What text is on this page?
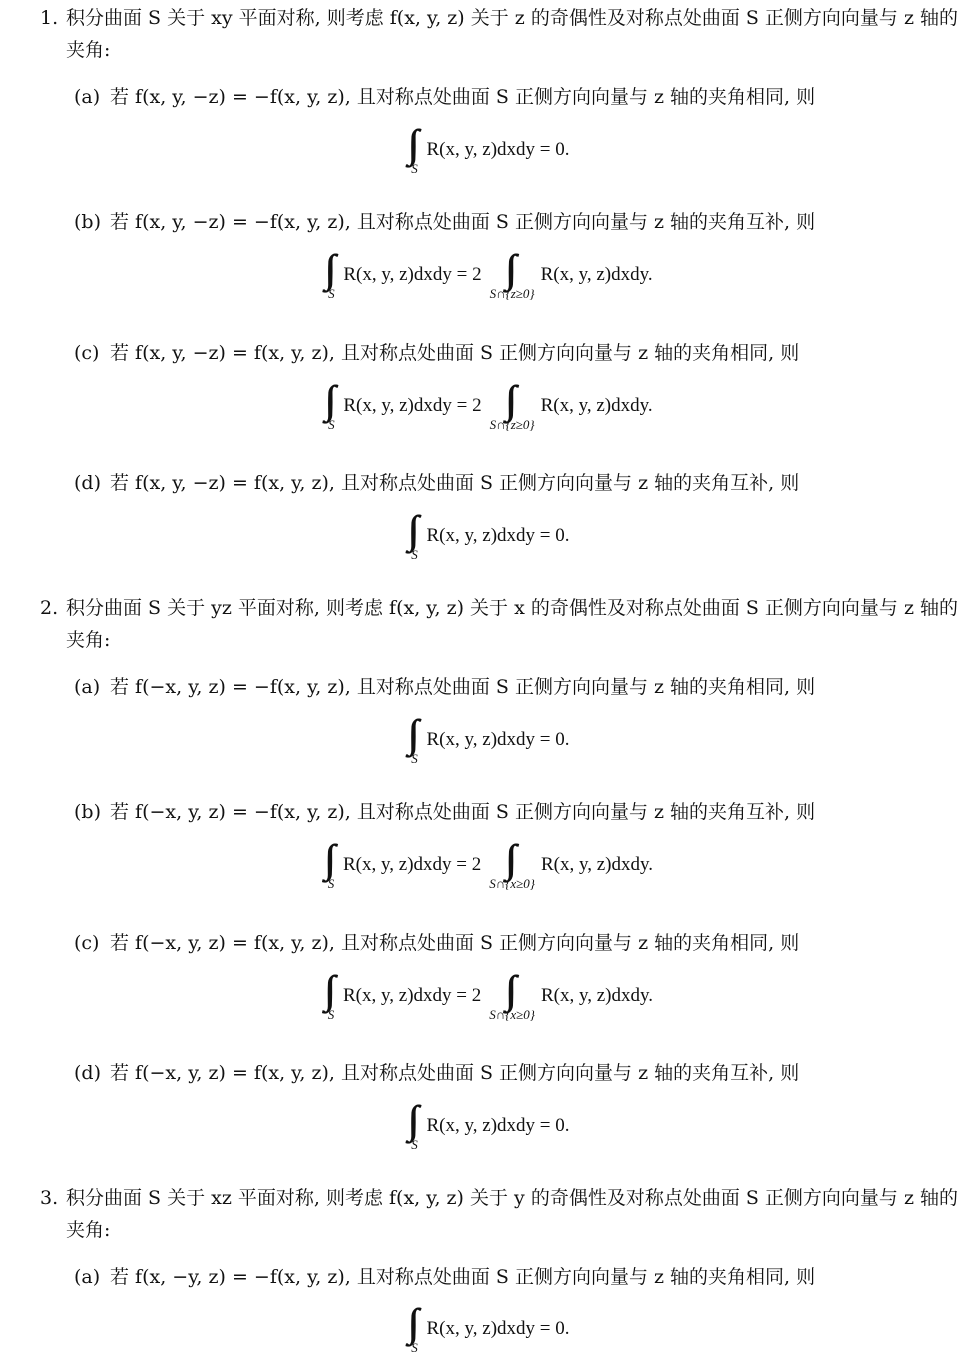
1. 积分曲面 S 关于 xy 平面对称, 则考虑 f(x, y, z) 关于 z 的奇偶性及对称点处曲面 S 正侧方向向量与 z 轴的夹角:
(a) 若 f(x, y, −z) = −f(x, y, z), 且对称点处曲面 S 正侧方向向量与 z 轴的夹角相同, 则
S
R(x, y, z)dxdy = 0.
(b) 若 f(x, y, −z) = −f(x, y, z), 且对称点处曲面 S 正侧方向向量与 z 轴的夹角互补, 则
S
R(x, y, z)dxdy = 2
S∩{z≥0}
R(x, y, z)dxdy.
(c) 若 f(x, y, −z) = f(x, y, z), 且对称点处曲面 S 正侧方向向量与 z 轴的夹角相同, 则
S
R(x, y, z)dxdy = 2
S∩{z≥0}
R(x, y, z)dxdy.
(d) 若 f(x, y, −z) = f(x, y, z), 且对称点处曲面 S 正侧方向向量与 z 轴的夹角互补, 则
S
R(x, y, z)dxdy = 0.
2. 积分曲面 S 关于 yz 平面对称, 则考虑 f(x, y, z) 关于 x 的奇偶性及对称点处曲面 S 正侧方向向量与 z 轴的夹角:
(a) 若 f(−x, y, z) = −f(x, y, z), 且对称点处曲面 S 正侧方向向量与 z 轴的夹角相同, 则
S
R(x, y, z)dxdy = 0.
(b) 若 f(−x, y, z) = −f(x, y, z), 且对称点处曲面 S 正侧方向向量与 z 轴的夹角互补, 则
S
R(x, y, z)dxdy = 2
S∩{x≥0}
R(x, y, z)dxdy.
(c) 若 f(−x, y, z) = f(x, y, z), 且对称点处曲面 S 正侧方向向量与 z 轴的夹角相同, 则
S
R(x, y, z)dxdy = 2
S∩{x≥0}
R(x, y, z)dxdy.
(d) 若 f(−x, y, z) = f(x, y, z), 且对称点处曲面 S 正侧方向向量与 z 轴的夹角互补, 则
S
R(x, y, z)dxdy = 0.
3. 积分曲面 S 关于 xz 平面对称, 则考虑 f(x, y, z) 关于 y 的奇偶性及对称点处曲面 S 正侧方向向量与 z 轴的夹角:
(a) 若 f(x, −y, z) = −f(x, y, z), 且对称点处曲面 S 正侧方向向量与 z 轴的夹角相同, 则
S
R(x, y, z)dxdy = 0.
